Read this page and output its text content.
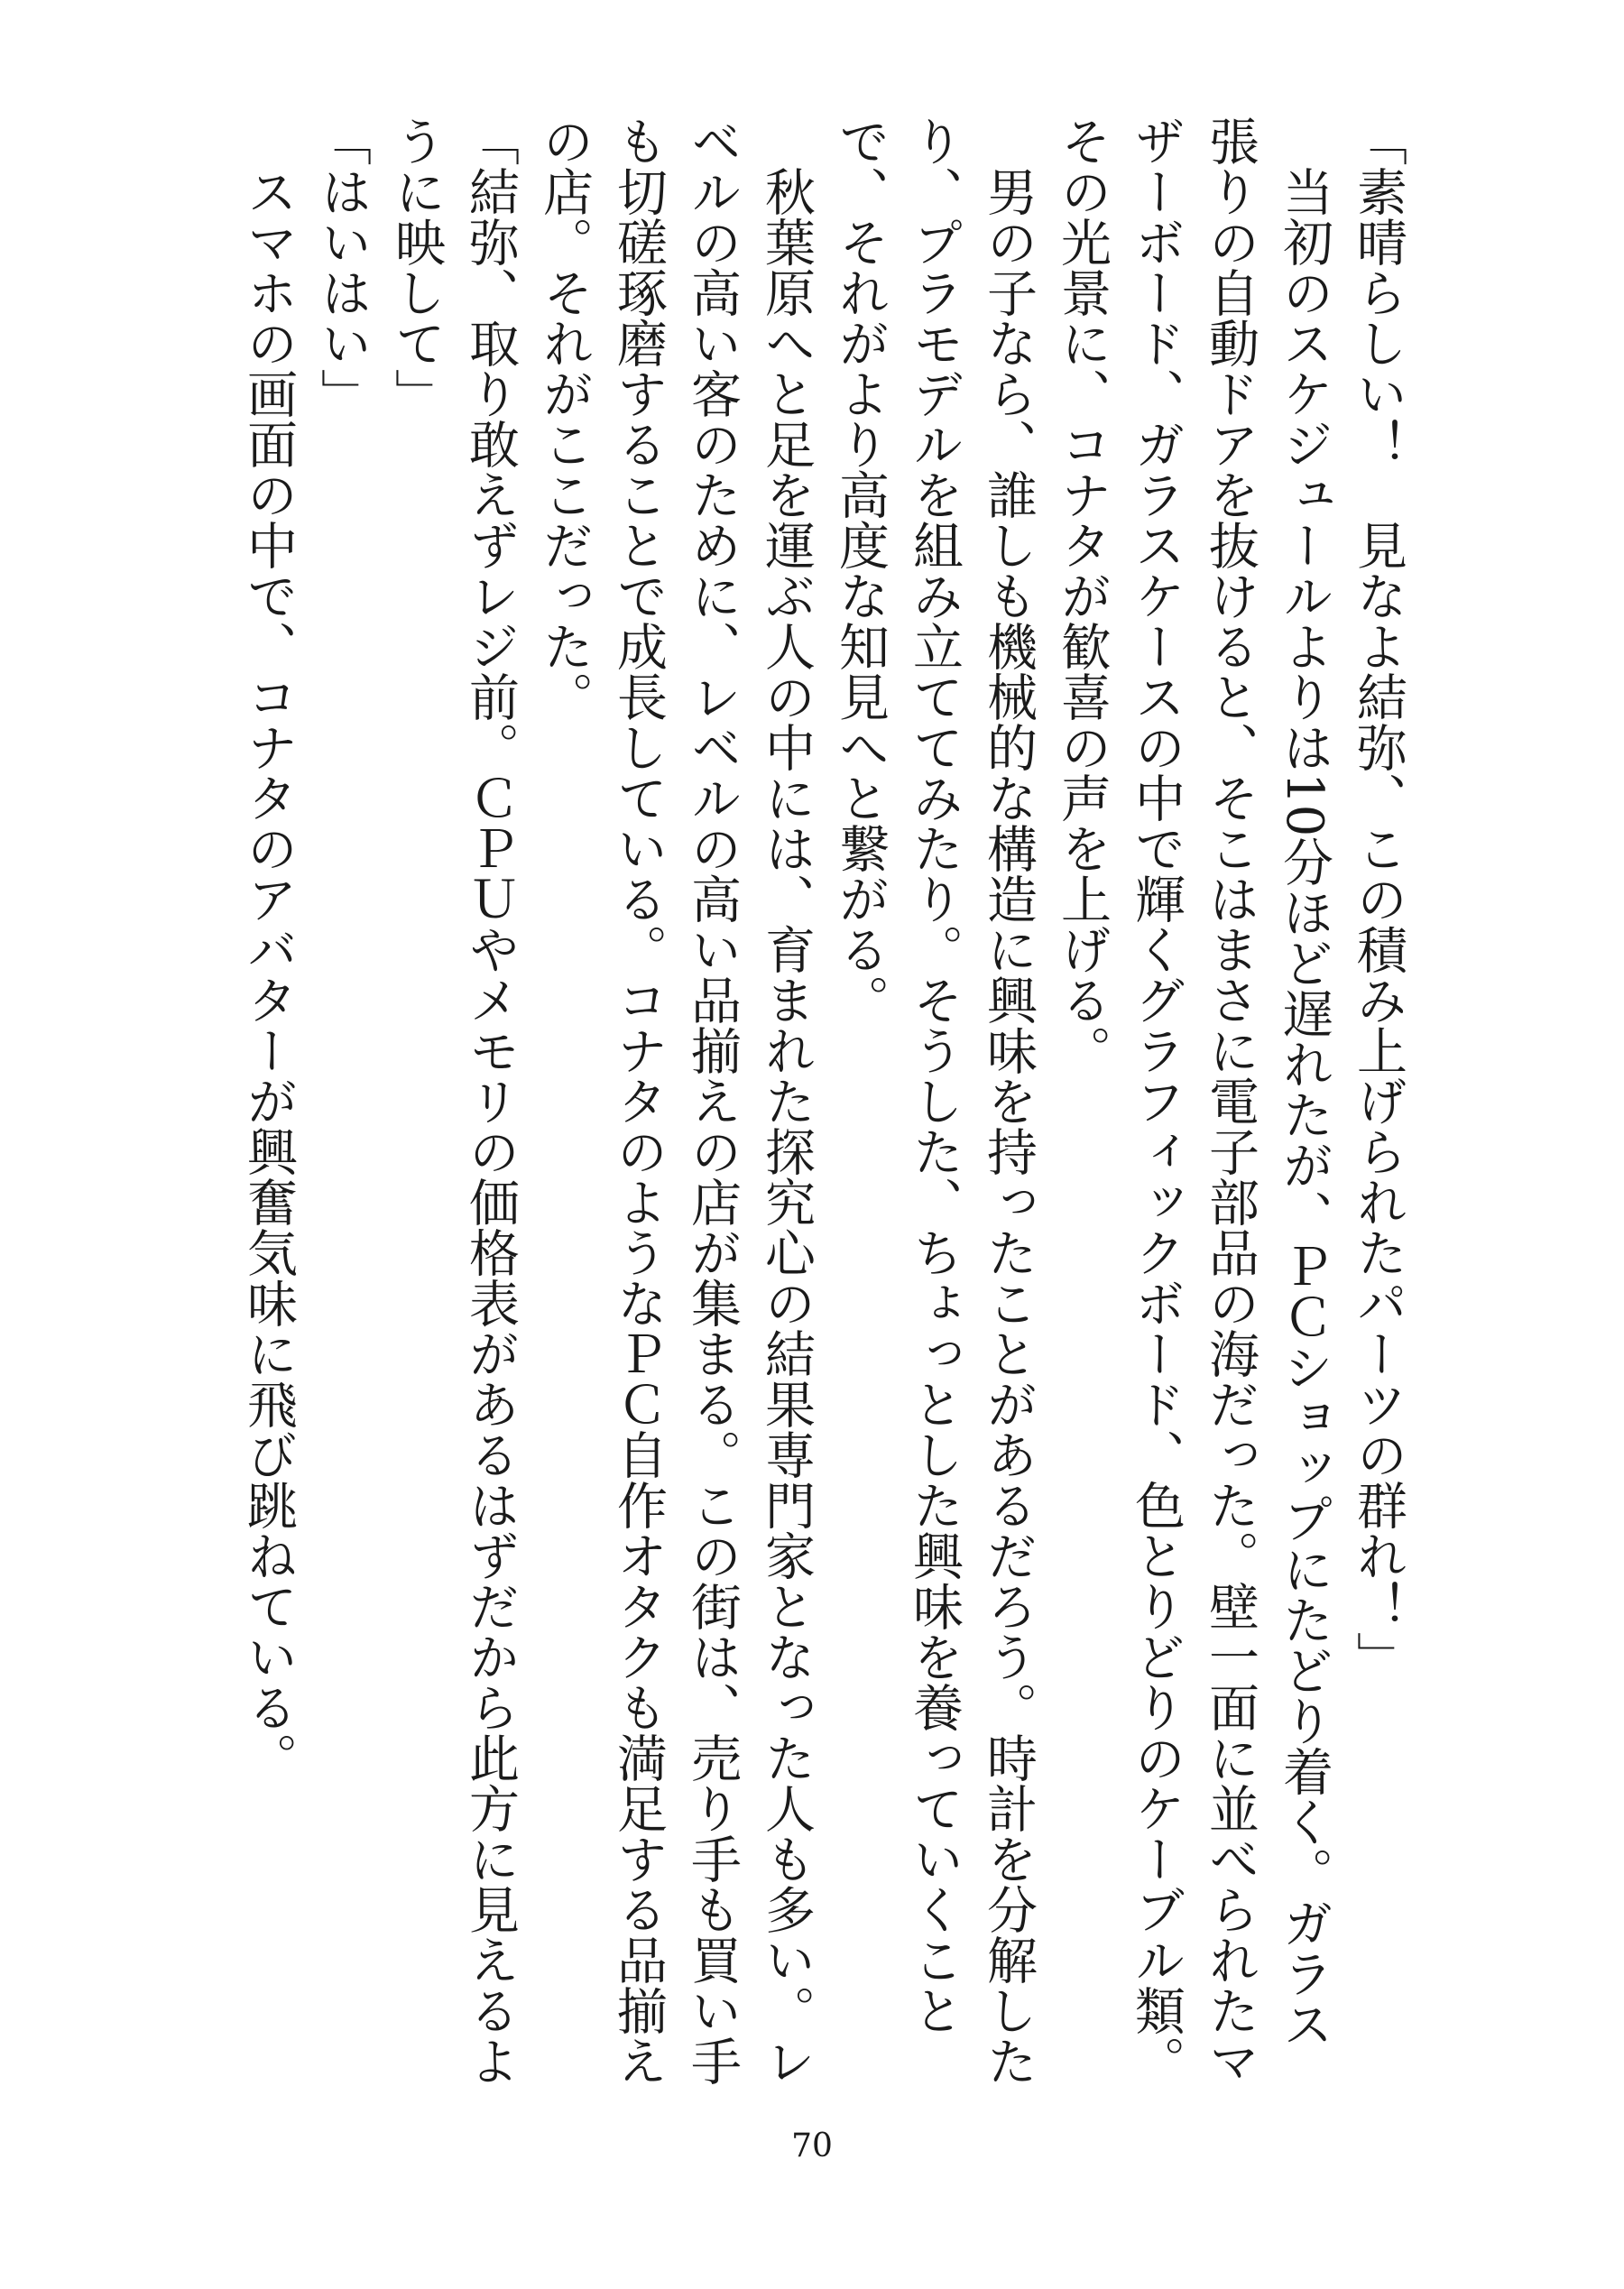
「素晴らしい！　見なよ結弥、この積み上げられたパーツの群れ！」

当初のスケジュールよりは10分ほど遅れたが、ＰＣショップにたどり着く。ガラス張りの自動ドアを抜けると、そこはまさに電子部品の海だった。壁一面に並べられたマザーボード、ガラスケースの中で輝くグラフィックボード、色とりどりのケーブル類。その光景に、コナタが歓喜の声を上げる。

男の子なら、誰しも機械的な構造に興味を持ったことがあるだろう。時計を分解したり、プラモデルを組み立ててみたり。そうした、ちょっとした興味を養っていくことで、それがより高度な知見へと繋がる。

秋葉原へと足を運ぶ人の中には、育まれた探究心の結果専門家となった人も多い。レベルの高い客のために、レベルの高い品揃えの店が集まる。この街は、売り手も買い手も切磋琢磨することで成長している。コナタのようなＰＣ自作オタクも満足する品揃えの店。それがここだった。

「結弥、取り敢えずレジ前。ＣＰＵやメモリの価格表があるはずだから此方に見えるように映して」

「はいはい」

スマホの画面の中で、コナタのアバターが興奮気味に飛び跳ねている。

70
